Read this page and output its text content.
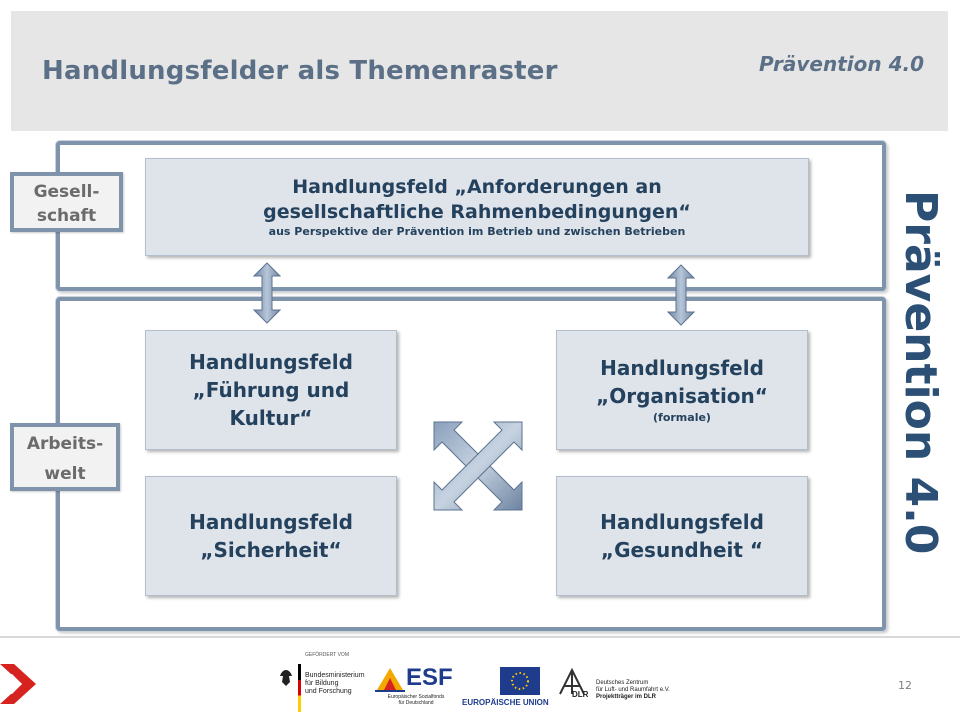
Handlungsfelder als Themenraster	Prävention 4.0
Gesell-
schaft
Arbeits-
welt
Handlungsfeld „Anforderungen an
gesellschaftliche Rahmenbedingungen“
aus Perspektive der Prävention im Betrieb und zwischen Betrieben
Handlungsfeld
„Führung und
Kultur“
Handlungsfeld
„Organisation“
(formale)
Handlungsfeld
„Sicherheit“
Handlungsfeld
„Gesundheit “	Prävention 4.0
GEFÖRDERT VOM
Bundesministerium
für Bildung
und Forschung
ESF
Europäischer Sozialfonds
für Deutschland	EUROPÄISCHE UNION
DLR
Deutsches Zentrum
für Luft- und Raumfahrt e.V.
Projektträger im DLR
12
